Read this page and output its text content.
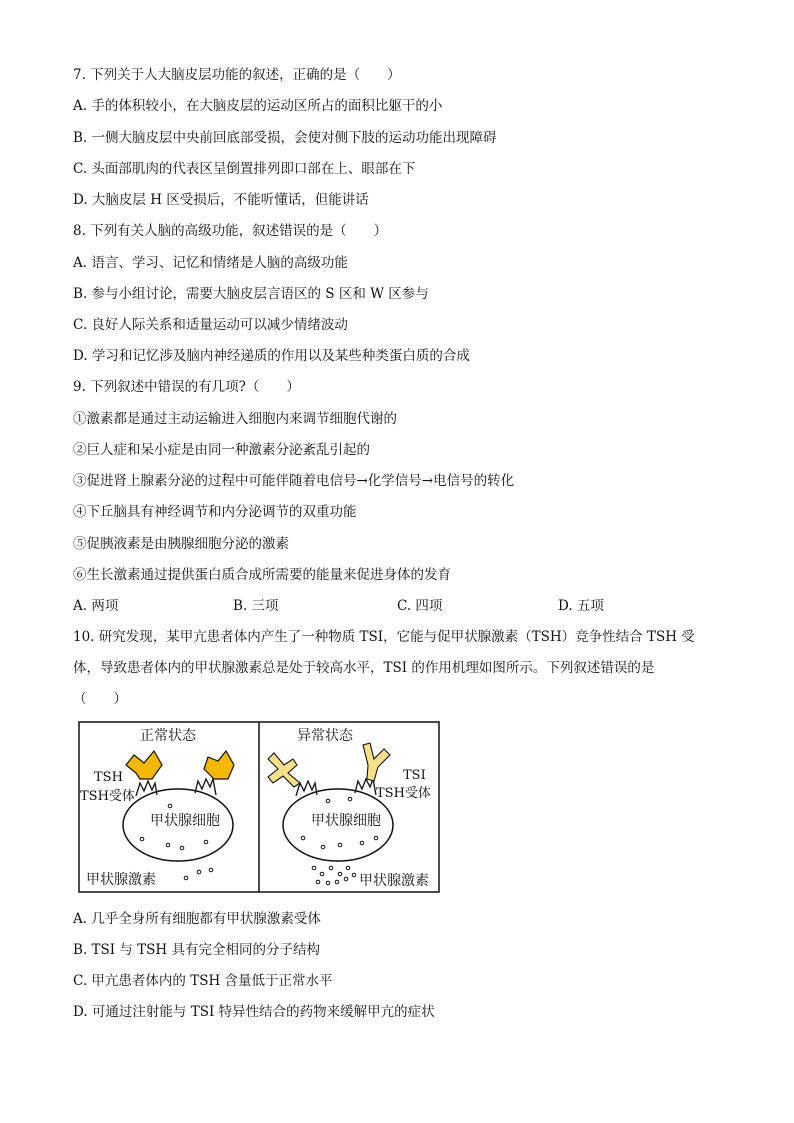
7. 下列关于人大脑皮层功能的叙述，正确的是（　　）
A. 手的体积较小，在大脑皮层的运动区所占的面积比躯干的小
B. 一侧大脑皮层中央前回底部受损，会使对侧下肢的运动功能出现障碍
C. 头面部肌肉的代表区呈倒置排列即口部在上、眼部在下
D. 大脑皮层 H 区受损后，不能听懂话，但能讲话
8. 下列有关人脑的高级功能，叙述错误的是（　　）
A. 语言、学习、记忆和情绪是人脑的高级功能
B. 参与小组讨论，需要大脑皮层言语区的 S 区和 W 区参与
C. 良好人际关系和适量运动可以减少情绪波动
D. 学习和记忆涉及脑内神经递质的作用以及某些种类蛋白质的合成
9. 下列叙述中错误的有几项?（　　）
①激素都是通过主动运输进入细胞内来调节细胞代谢的
②巨人症和呆小症是由同一种激素分泌紊乱引起的
③促进肾上腺素分泌的过程中可能伴随着电信号→化学信号→电信号的转化
④下丘脑具有神经调节和内分泌调节的双重功能
⑤促胰液素是由胰腺细胞分泌的激素
⑥生长激素通过提供蛋白质合成所需要的能量来促进身体的发育
A. 两项	B. 三项	C. 四项	D. 五项
10. 研究发现，某甲亢患者体内产生了一种物质 TSI，它能与促甲状腺激素（TSH）竞争性结合 TSH 受
体，导致患者体内的甲状腺激素总是处于较高水平，TSI 的作用机理如图所示。下列叙述错误的是
（　　）
正常状态
甲状腺细胞
TSH
TSH受体
甲状腺激素
异常状态
甲状腺细胞
TSI
TSH受体
甲状腺激素
A. 几乎全身所有细胞都有甲状腺激素受体
B. TSI 与 TSH 具有完全相同的分子结构
C. 甲亢患者体内的 TSH 含量低于正常水平
D. 可通过注射能与 TSI 特异性结合的药物来缓解甲亢的症状
